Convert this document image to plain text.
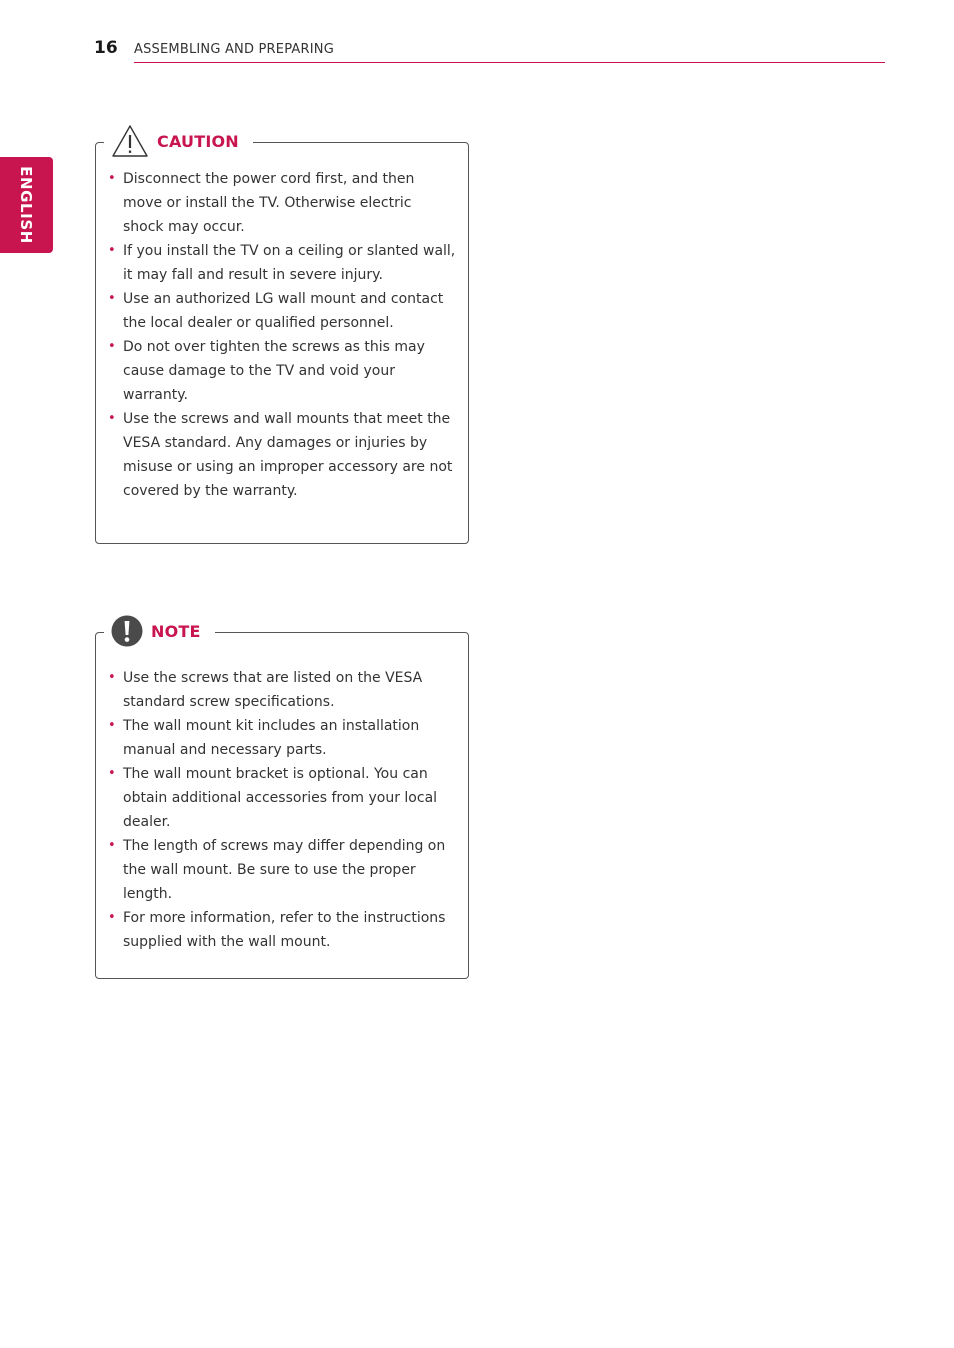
16 ASSEMBLING AND PREPARING
ENGLISH
CAUTION
• Disconnect the power cord first, and then move or install the TV. Otherwise electric shock may occur.
• If you install the TV on a ceiling or slanted wall, it may fall and result in severe injury.
• Use an authorized LG wall mount and contact the local dealer or qualified personnel.
• Do not over tighten the screws as this may cause damage to the TV and void your warranty.
• Use the screws and wall mounts that meet the VESA standard. Any damages or injuries by misuse or using an improper accessory are not covered by the warranty.
NOTE
• Use the screws that are listed on the VESA standard screw specifications.
• The wall mount kit includes an installation manual and necessary parts.
• The wall mount bracket is optional. You can obtain additional accessories from your local dealer.
• The length of screws may differ depending on the wall mount. Be sure to use the proper length.
• For more information, refer to the instructions supplied with the wall mount.
